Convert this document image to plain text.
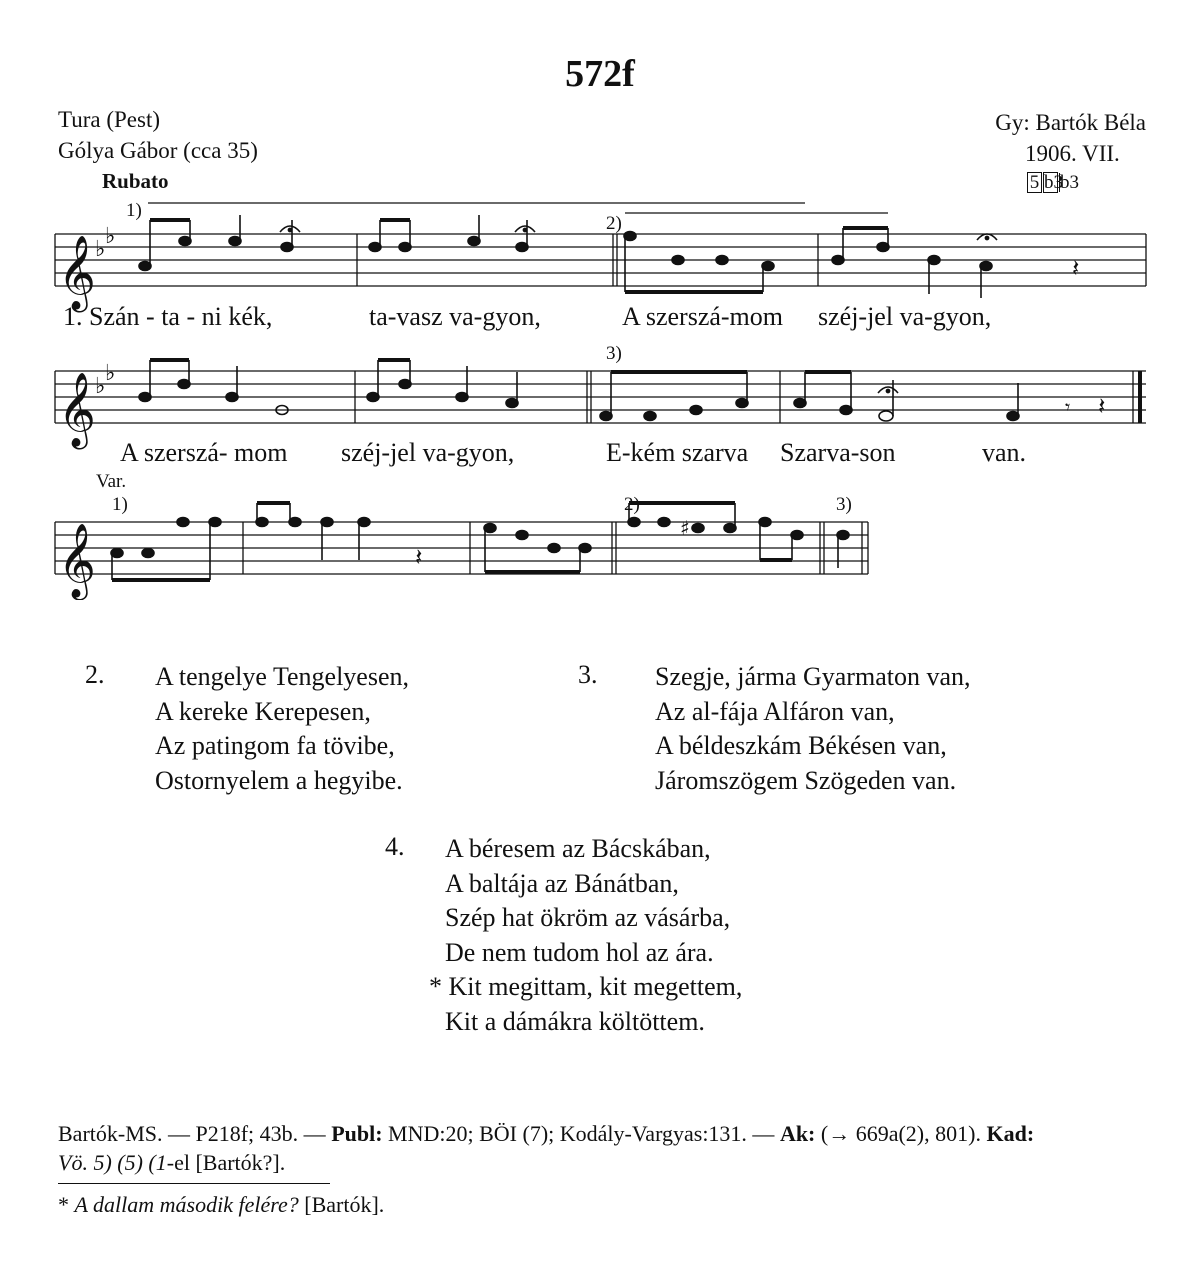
572f
Tura (Pest)
Gólya Gábor (cca 35)
Rubato
Gy: Bartók Béla
1906. VII.
5 b3b3
𝄞 ♭
♭
𝄞 ♭
♭
𝄞
𝄽
𝄾 𝄽
𝄽
♯
1)
2)
3)
Var.
1)	2)	3)
1. Szán - ta - ni kék,	ta-vasz va-gyon,	A szerszá-mom széj-jel va-gyon,
A szerszá- mom széj-jel va-gyon,	E-kém szarva Szarva-son	van.
2. A tengelye Tengelyesen,
A kereke Kerepesen,
Az patingom fa tövibe,
Ostornyelem a hegyibe.
3. Szegje, járma Gyarmaton van,
Az al-fája Alfáron van,
A béldeszkám Békésen van,
Járomszögem Szögeden van.
4. A béresem az Bácskában,
A baltája az Bánátban,
Szép hat ökröm az vásárba,
De nem tudom hol az ára.
* Kit megittam, kit megettem,
Kit a dámákra költöttem.
Bartók-MS. — P218f; 43b. — Publ: MND:20; BÖI (7); Kodály-Vargyas:131. — Ak: (→ 669a(2), 801). Kad:
Vö. 5) (5) (1-el [Bartók?].
* A dallam második felére? [Bartók].
